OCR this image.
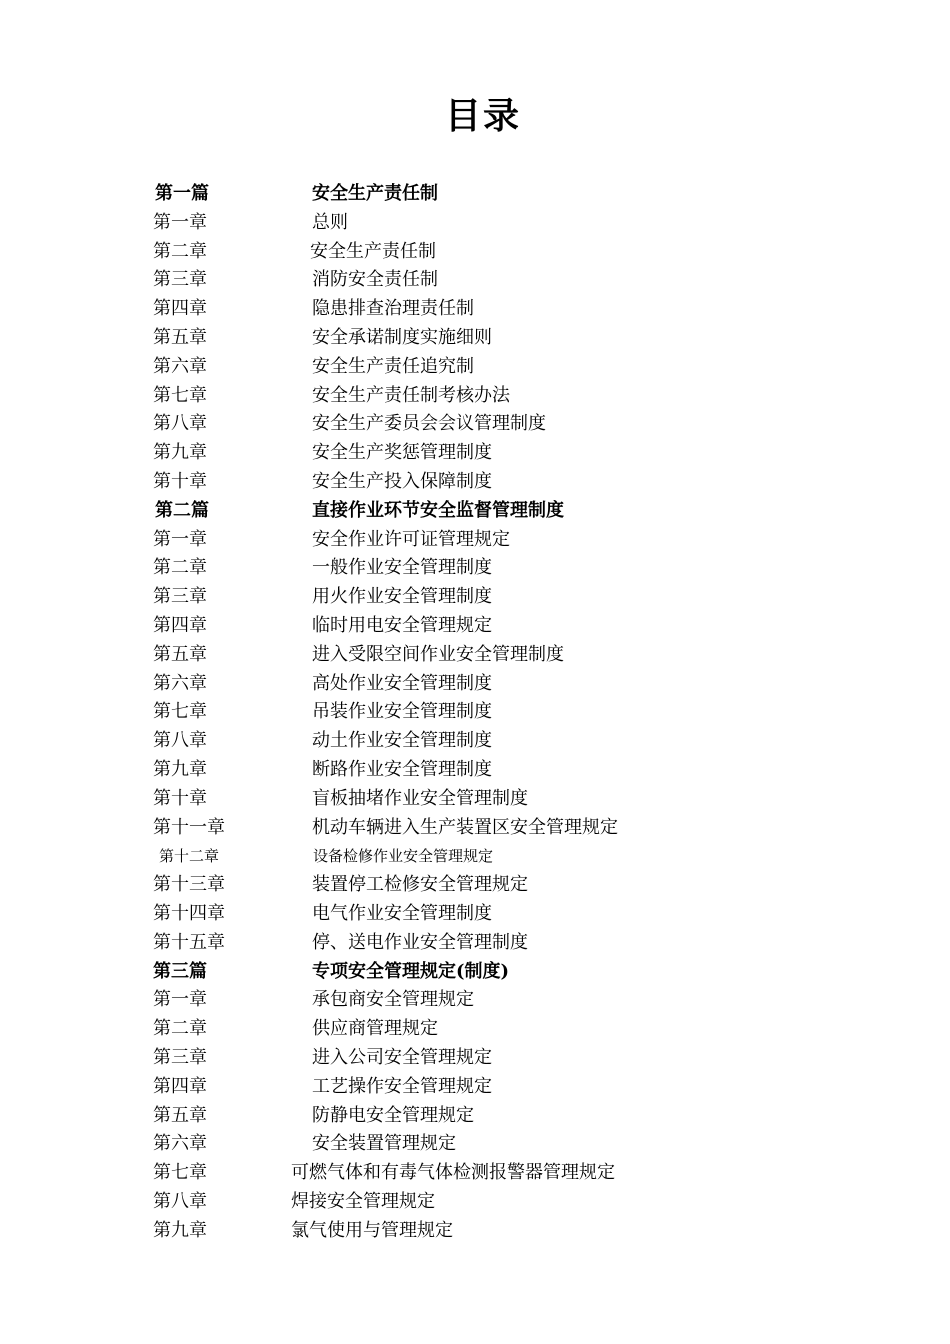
目录
第一篇	安全生产责任制
第一章	总则
第二章	安全生产责任制
第三章	消防安全责任制
第四章	隐患排查治理责任制
第五章	安全承诺制度实施细则
第六章	安全生产责任追究制
第七章	安全生产责任制考核办法
第八章	安全生产委员会会议管理制度
第九章	安全生产奖惩管理制度
第十章	安全生产投入保障制度
第二篇	直接作业环节安全监督管理制度
第一章	安全作业许可证管理规定
第二章	一般作业安全管理制度
第三章	用火作业安全管理制度
第四章	临时用电安全管理规定
第五章	进入受限空间作业安全管理制度
第六章	高处作业安全管理制度
第七章	吊装作业安全管理制度
第八章	动土作业安全管理制度
第九章	断路作业安全管理制度
第十章	盲板抽堵作业安全管理制度
第十一章	机动车辆进入生产装置区安全管理规定
第十二章	设备检修作业安全管理规定
第十三章	装置停工检修安全管理规定
第十四章	电气作业安全管理制度
第十五章	停、送电作业安全管理制度
第三篇	专项安全管理规定(制度)
第一章	承包商安全管理规定
第二章	供应商管理规定
第三章	进入公司安全管理规定
第四章	工艺操作安全管理规定
第五章	防静电安全管理规定
第六章	安全装置管理规定
第七章	可燃气体和有毒气体检测报警器管理规定
第八章	焊接安全管理规定
第九章	氯气使用与管理规定
